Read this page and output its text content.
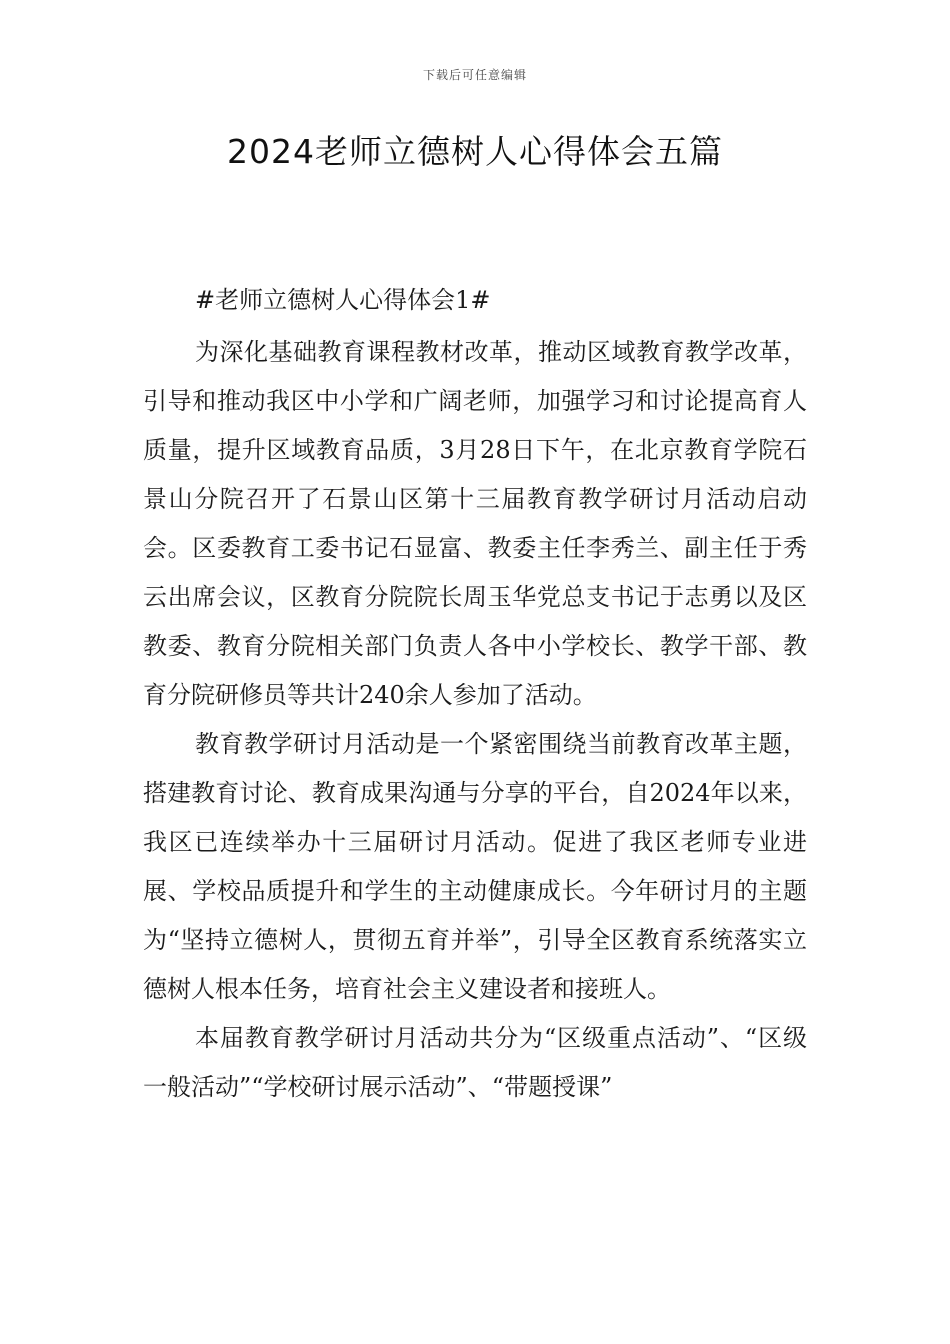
下载后可任意编辑
2024老师立德树人心得体会五篇

#老师立德树人心得体会1#

为深化基础教育课程教材改革，推动区域教育教学改革，引导和推动我区中小学和广阔老师，加强学习和讨论提高育人质量，提升区域教育品质，3月28日下午，在北京教育学院石景山分院召开了石景山区第十三届教育教学研讨月活动启动会。区委教育工委书记石显富、教委主任李秀兰、副主任于秀云出席会议，区教育分院院长周玉华党总支书记于志勇以及区教委、教育分院相关部门负责人各中小学校长、教学干部、教育分院研修员等共计240余人参加了活动。

教育教学研讨月活动是一个紧密围绕当前教育改革主题，搭建教育讨论、教育成果沟通与分享的平台，自2024年以来，我区已连续举办十三届研讨月活动。促进了我区老师专业进展、学校品质提升和学生的主动健康成长。今年研讨月的主题为“坚持立德树人，贯彻五育并举”，引导全区教育系统落实立德树人根本任务，培育社会主义建设者和接班人。

本届教育教学研讨月活动共分为“区级重点活动”、“区级一般活动”“学校研讨展示活动”、“带题授课”
